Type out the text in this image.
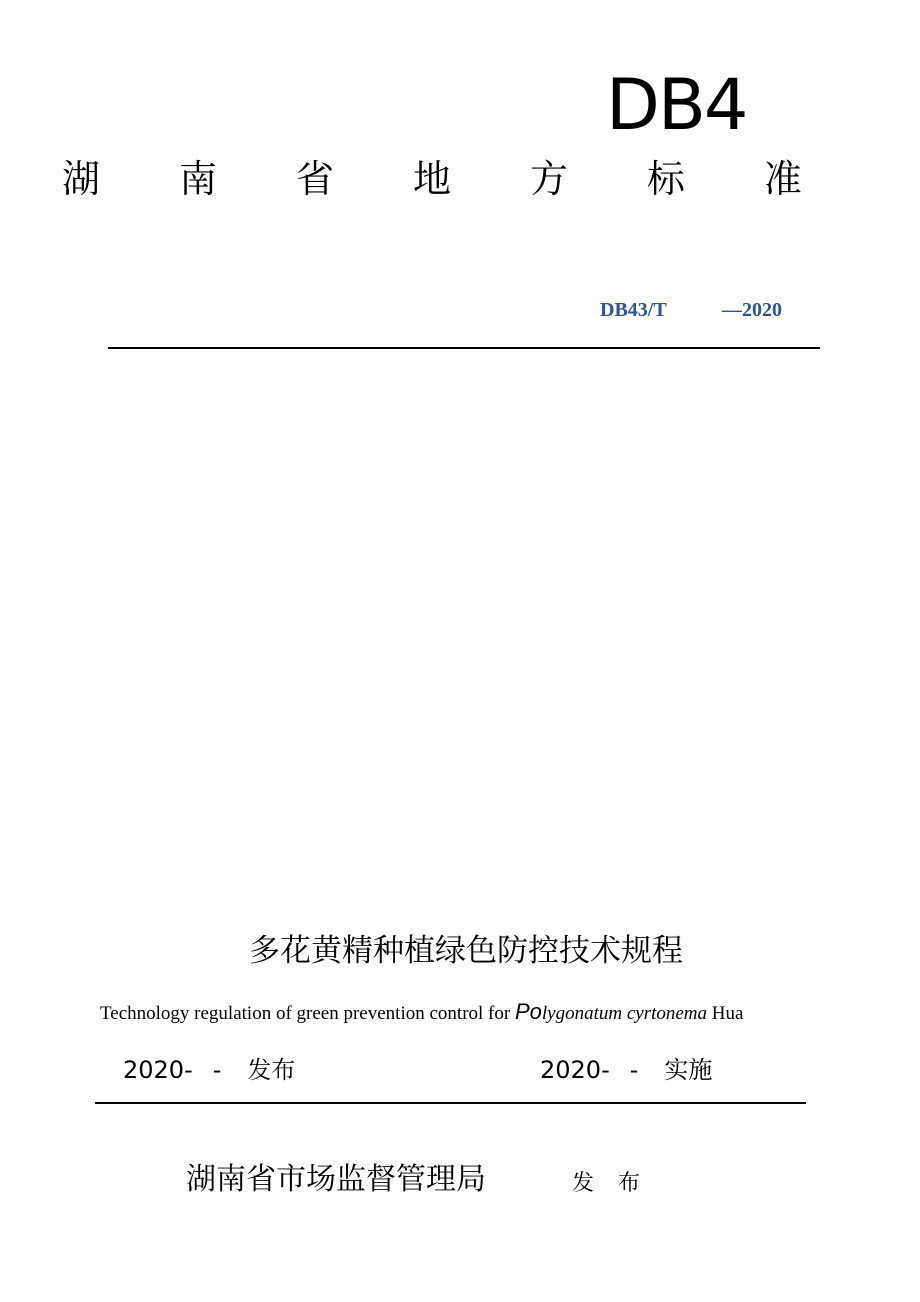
DB4
湖 南 省 地 方 标 准
DB43/T	—2020
多花黄精种植绿色防控技术规程
Technology regulation of green prevention control for Polygonatum cyrtonema Hua
2020- - 发布	2020- - 实施
湖南省市场监督管理局	发布
